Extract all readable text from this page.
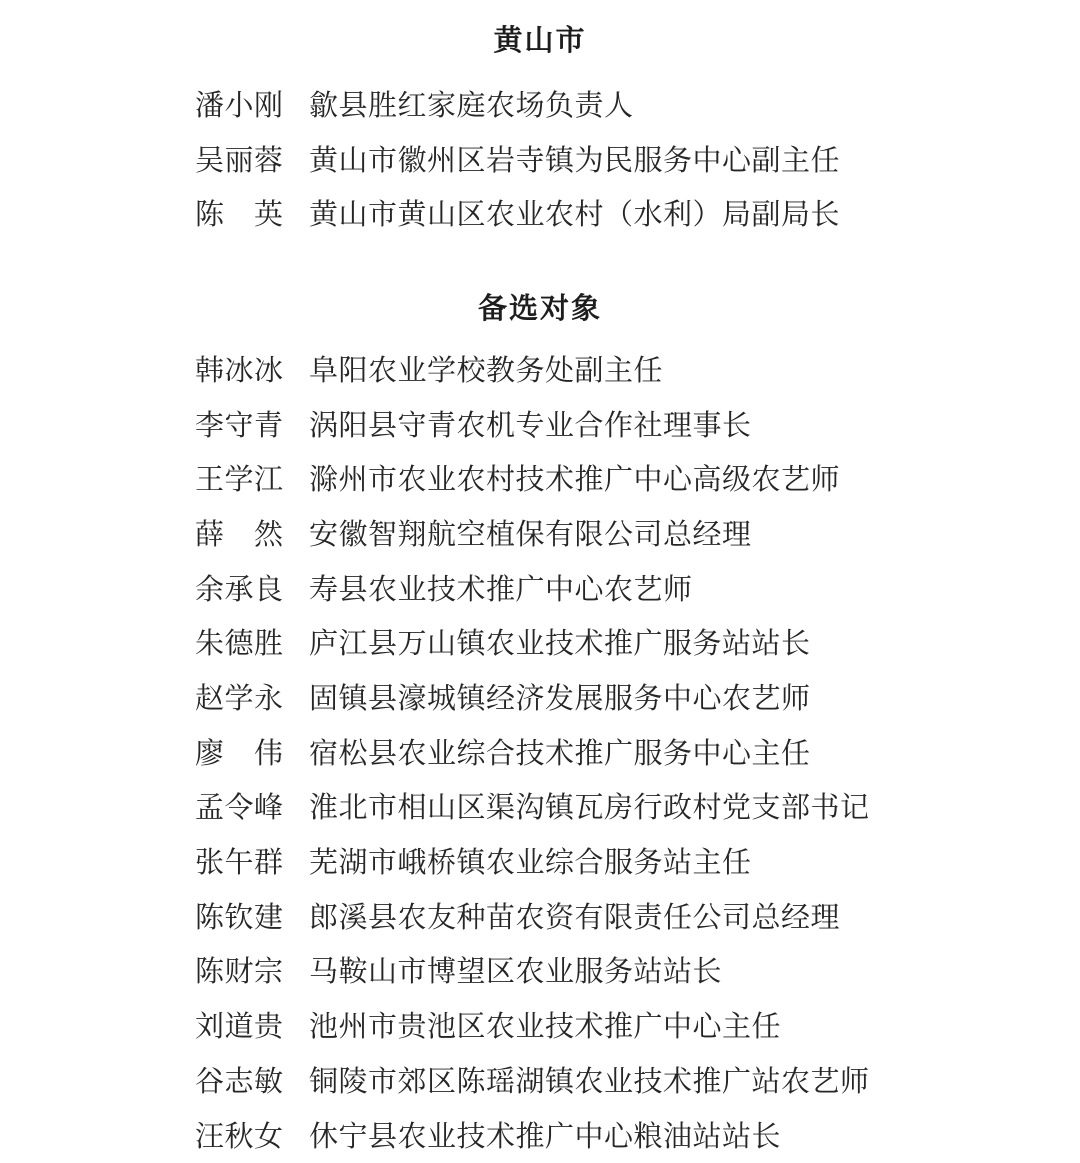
黄山市
潘小刚 歙县胜红家庭农场负责人
吴丽蓉 黄山市徽州区岩寺镇为民服务中心副主任
陈　英 黄山市黄山区农业农村（水利）局副局长
备选对象
韩冰冰 阜阳农业学校教务处副主任
李守青 涡阳县守青农机专业合作社理事长
王学江 滁州市农业农村技术推广中心高级农艺师
薛　然 安徽智翔航空植保有限公司总经理
余承良 寿县农业技术推广中心农艺师
朱德胜 庐江县万山镇农业技术推广服务站站长
赵学永 固镇县濠城镇经济发展服务中心农艺师
廖　伟 宿松县农业综合技术推广服务中心主任
孟令峰 淮北市相山区渠沟镇瓦房行政村党支部书记
张午群 芜湖市峨桥镇农业综合服务站主任
陈钦建 郎溪县农友种苗农资有限责任公司总经理
陈财宗 马鞍山市博望区农业服务站站长
刘道贵 池州市贵池区农业技术推广中心主任
谷志敏 铜陵市郊区陈瑶湖镇农业技术推广站农艺师
汪秋女 休宁县农业技术推广中心粮油站站长
